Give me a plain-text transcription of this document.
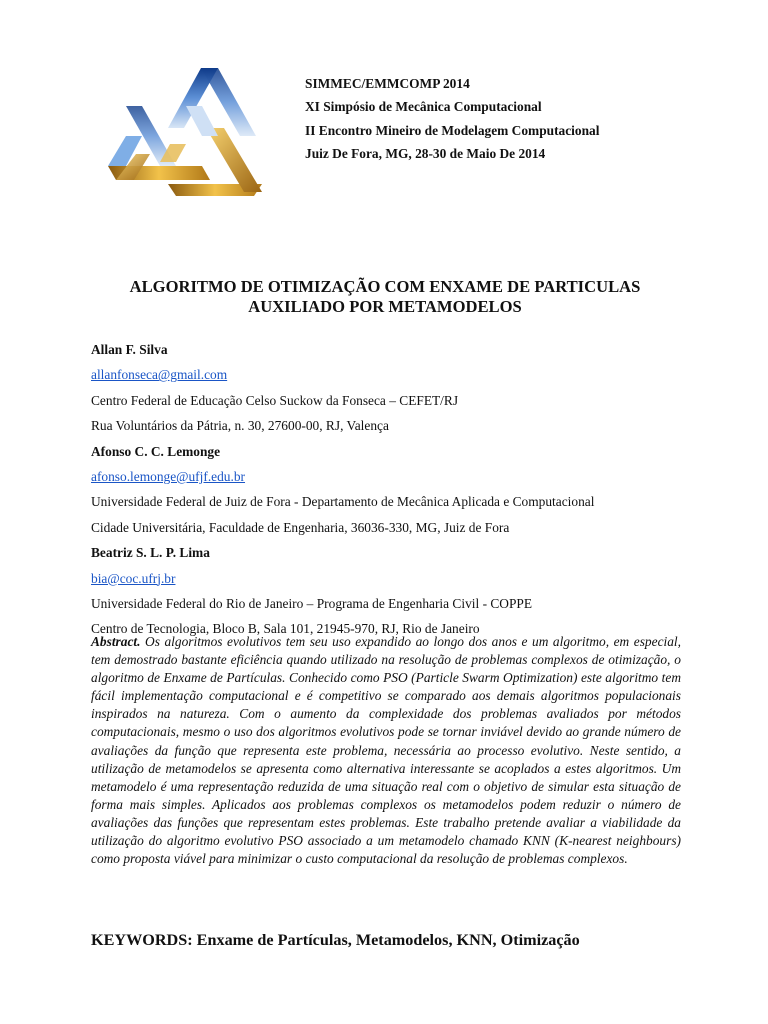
SIMMEC/EMMCOMP 2014
XI Simpósio de Mecânica Computacional
II Encontro Mineiro de Modelagem Computacional
Juiz De Fora, MG, 28-30 de Maio De 2014
ALGORITMO DE OTIMIZAÇÃO COM ENXAME DE PARTICULAS
AUXILIADO POR METAMODELOS
Allan F. Silva
allanfonseca@gmail.com
Centro Federal de Educação Celso Suckow da Fonseca – CEFET/RJ
Rua Voluntários da Pátria, n. 30, 27600-00, RJ, Valença
Afonso C. C. Lemonge
afonso.lemonge@ufjf.edu.br
Universidade Federal de Juiz de Fora - Departamento de Mecânica Aplicada e Computacional
Cidade Universitária, Faculdade de Engenharia, 36036-330, MG, Juiz de Fora
Beatriz S. L. P. Lima
bia@coc.ufrj.br
Universidade Federal do Rio de Janeiro – Programa de Engenharia Civil - COPPE
Centro de Tecnologia, Bloco B, Sala 101, 21945-970, RJ, Rio de Janeiro
Abstract. Os algoritmos evolutivos tem seu uso expandido ao longo dos anos e um algoritmo, em especial, tem demostrado bastante eficiência quando utilizado na resolução de problemas complexos de otimização, o algoritmo de Enxame de Partículas. Conhecido como PSO (Particle Swarm Optimization) este algoritmo tem fácil implementação computacional e é competitivo se comparado aos demais algoritmos populacionais inspirados na natureza. Com o aumento da complexidade dos problemas avaliados por métodos computacionais, mesmo o uso dos algoritmos evolutivos pode se tornar inviável devido ao grande número de avaliações da função que representa este problema, necessária ao processo evolutivo. Neste sentido, a utilização de metamodelos se apresenta como alternativa interessante se acoplados a estes algoritmos. Um metamodelo é uma representação reduzida de uma situação real com o objetivo de simular esta situação de forma mais simples. Aplicados aos problemas complexos os metamodelos podem reduzir o número de avaliações das funções que representam estes problemas. Este trabalho pretende avaliar a viabilidade da utilização do algoritmo evolutivo PSO associado a um metamodelo chamado KNN (K-nearest neighbours) como proposta viável para minimizar o custo computacional da resolução de problemas complexos.
KEYWORDS: Enxame de Partículas, Metamodelos, KNN, Otimização
